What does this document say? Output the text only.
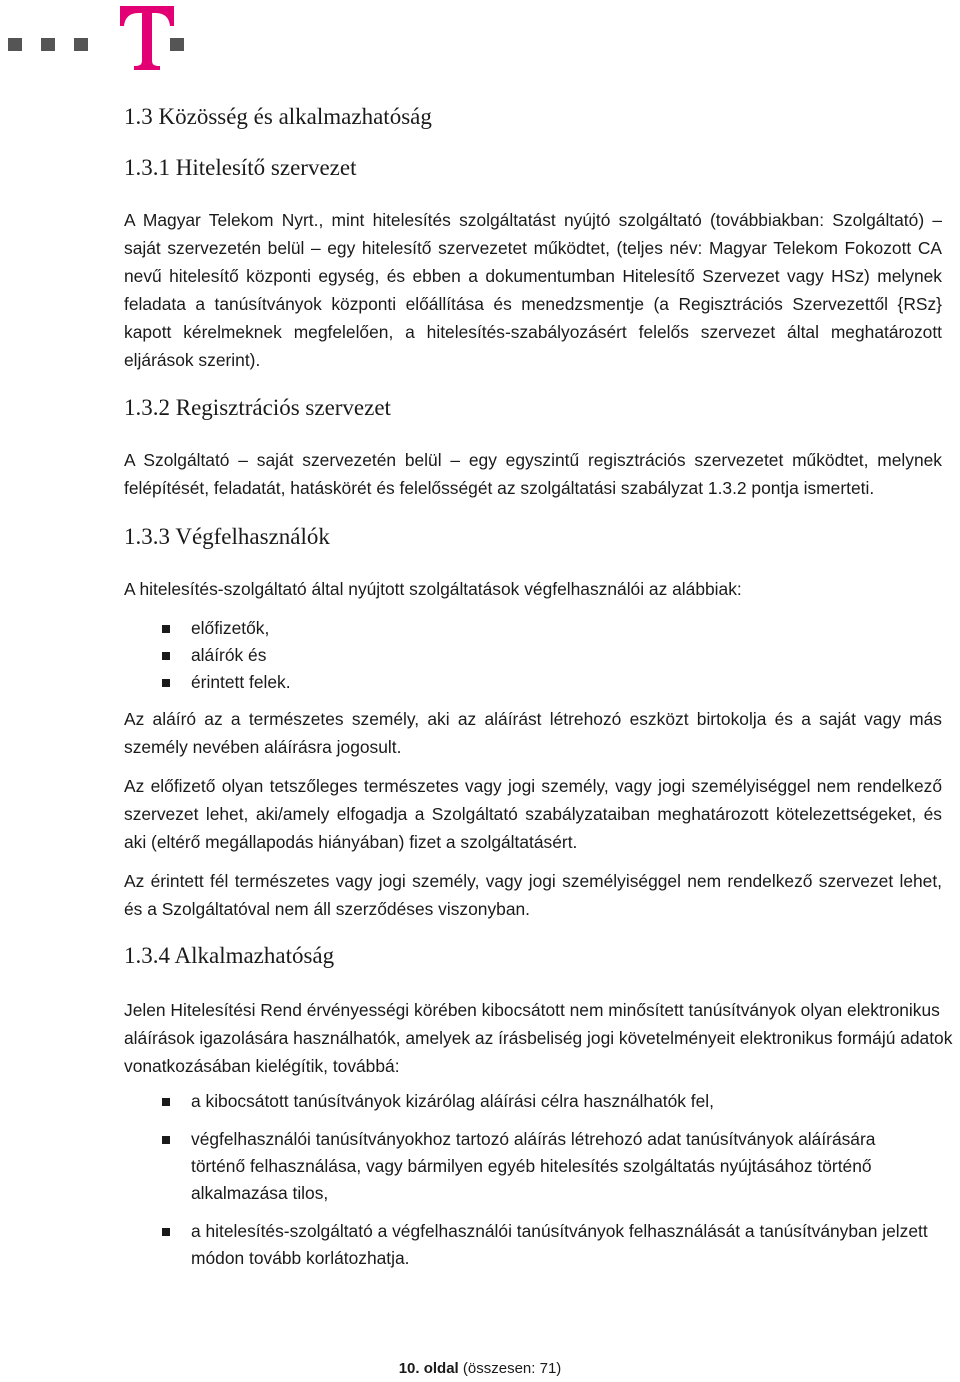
1.3 Közösség és alkalmazhatóság
1.3.1 Hitelesítő szervezet

A Magyar Telekom Nyrt., mint hitelesítés szolgáltatást nyújtó szolgáltató (továbbiakban: Szolgáltató) – saját szervezetén belül – egy hitelesítő szervezetet működtet, (teljes név: Magyar Telekom Fokozott CA nevű hitelesítő központi egység, és ebben a dokumentumban Hitelesítő Szervezet vagy HSz) melynek feladata a tanúsítványok központi előállítása és menedzsmentje (a Regisztrációs Szervezettől {RSz} kapott kérelmeknek megfelelően, a hitelesítés-szabályozásért felelős szervezet által meghatározott eljárások szerint).

1.3.2 Regisztrációs szervezet

A Szolgáltató – saját szervezetén belül – egy egyszintű regisztrációs szervezetet működtet, melynek felépítését, feladatát, hatáskörét és felelősségét az szolgáltatási szabályzat 1.3.2 pontja ismerteti.

1.3.3 Végfelhasználók

A hitelesítés-szolgáltató által nyújtott szolgáltatások végfelhasználói az alábbiak:

előfizetők,
aláírók és
érintett felek.

Az aláíró az a természetes személy, aki az aláírást létrehozó eszközt birtokolja és a saját vagy más személy nevében aláírásra jogosult.

Az előfizető olyan tetszőleges természetes vagy jogi személy, vagy jogi személyiséggel nem rendelkező szervezet lehet, aki/amely elfogadja a Szolgáltató szabályzataiban meghatározott kötelezettségeket, és aki (eltérő megállapodás hiányában) fizet a szolgáltatásért.

Az érintett fél természetes vagy jogi személy, vagy jogi személyiséggel nem rendelkező szervezet lehet, és a Szolgáltatóval nem áll szerződéses viszonyban.

1.3.4 Alkalmazhatóság

Jelen Hitelesítési Rend érvényességi körében kibocsátott nem minősített tanúsítványok olyan elektronikus aláírások igazolására használhatók, amelyek az írásbeliség jogi követelményeit elektronikus formájú adatok vonatkozásában kielégítik, továbbá:

a kibocsátott tanúsítványok kizárólag aláírási célra használhatók fel,
végfelhasználói tanúsítványokhoz tartozó aláírás létrehozó adat tanúsítványok aláírására történő felhasználása, vagy bármilyen egyéb hitelesítés szolgáltatás nyújtásához történő alkalmazása tilos,
a hitelesítés-szolgáltató a végfelhasználói tanúsítványok felhasználását a tanúsítványban jelzett módon tovább korlátozhatja.
10. oldal (összesen: 71)
